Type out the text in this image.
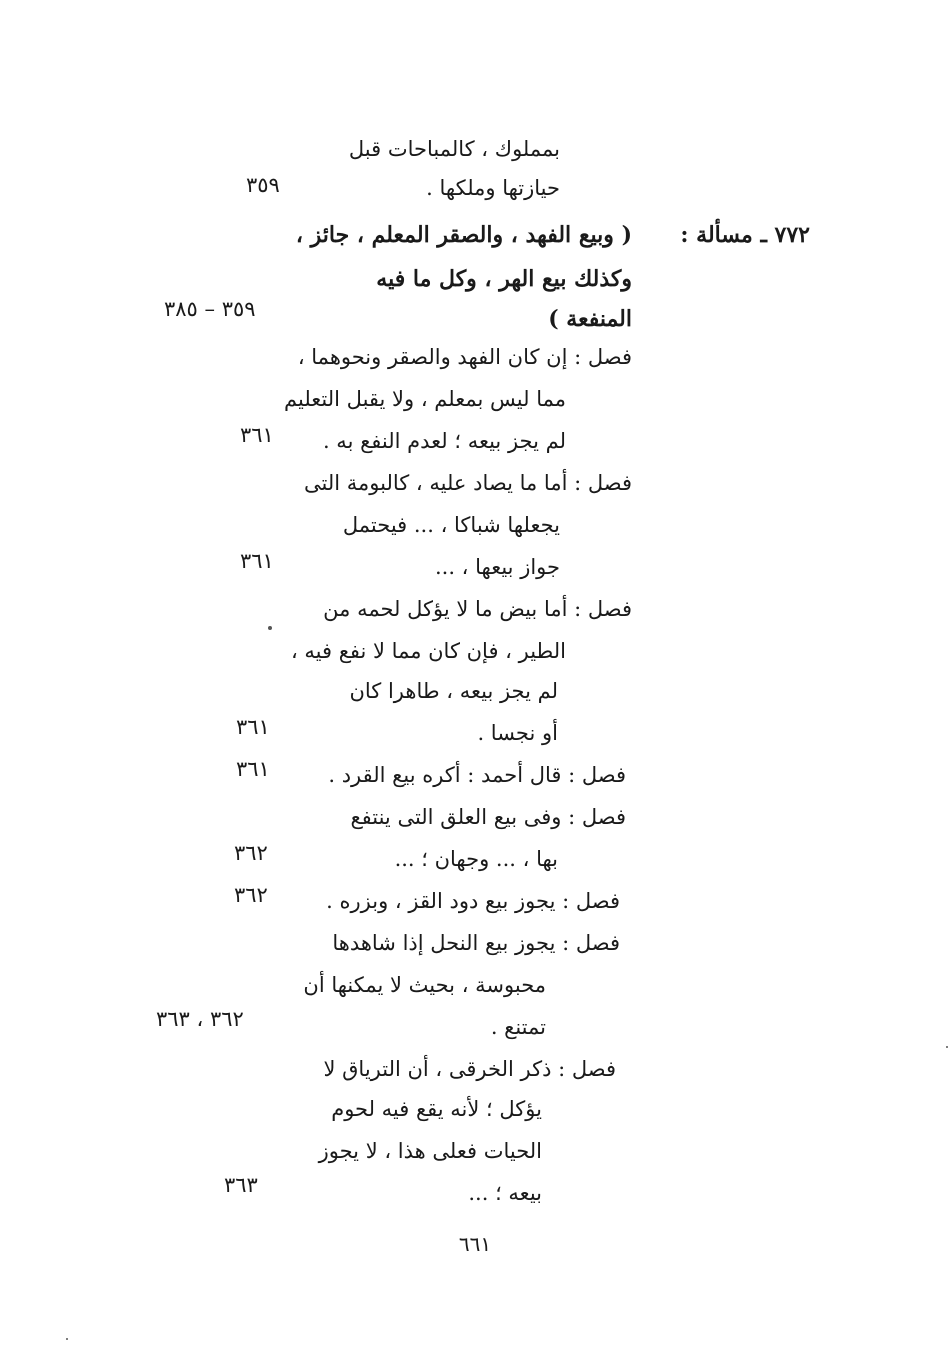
بمملوك ، كالمباحات قبل
حيازتها وملكها .
٣٥٩
٧٧٢ ـ مسألة :
( وبيع الفهد ، والصقر المعلم ، جائز ،
وكذلك بيع الهر ، وكل ما فيه
المنفعة )
٣٥٩ – ٣٨٥
فصل : إن كان الفهد والصقر ونحوهما ،
مما ليس بمعلم ، ولا يقبل التعليم
لم يجز بيعه ؛ لعدم النفع به .
٣٦١
فصل : أما ما يصاد عليه ، كالبومة التى
يجعلها شباكا ، ... فيحتمل
جواز بيعها ، ...
٣٦١
فصل : أما بيض ما لا يؤكل لحمه من
الطير ، فإن كان مما لا نفع فيه ،
لم يجز بيعه ، طاهرا كان
أو نجسا .
٣٦١
فصل : قال أحمد : أكره بيع القرد .
٣٦١
فصل : وفى بيع العلق التى ينتفع
بها ، ... وجهان ؛ ...
٣٦٢
فصل : يجوز بيع دود القز ، وبزره .
٣٦٢
فصل : يجوز بيع النحل إذا شاهدها
محبوسة ، بحيث لا يمكنها أن
تمتنع .
٣٦٢ ، ٣٦٣
فصل : ذكر الخرقى ، أن الترياق لا
يؤكل ؛ لأنه يقع فيه لحوم
الحيات فعلى هذا ، لا يجوز
بيعه ؛ ...
٣٦٣
٦٦١
